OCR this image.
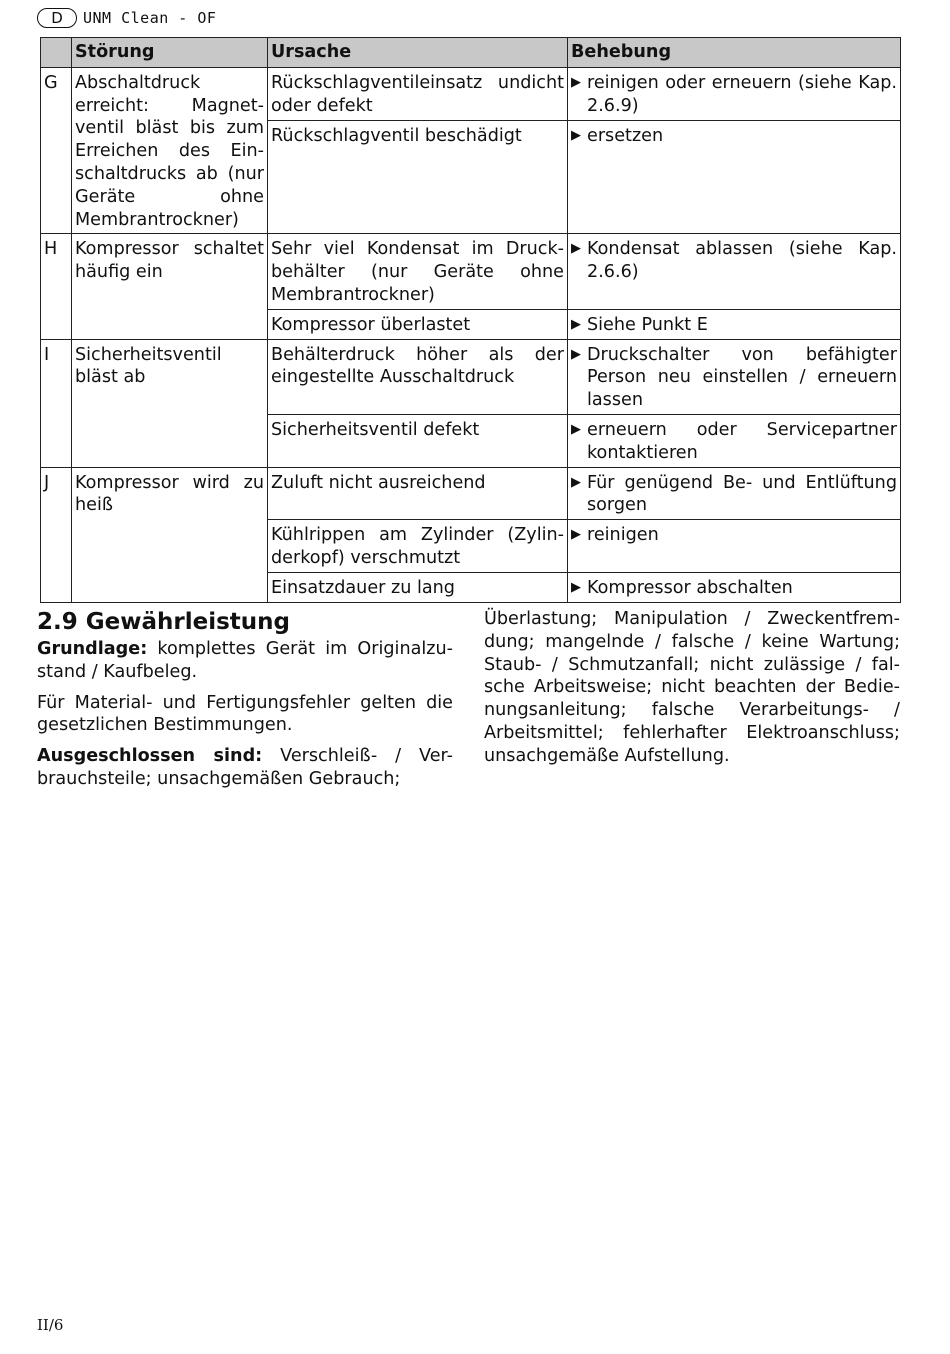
D	UNM Clean - OF
	Störung	Ursache	Behebung
G	Abschaltdruck erreicht: Magnet-ventil bläst bis zum Erreichen des Ein-schaltdrucks ab (nur Geräte ohne Membrantrockner)	Rückschlagventileinsatz undicht oder defekt	▶ reinigen oder erneuern (siehe Kap. 2.6.9)

		Rückschlagventil beschädigt	▶ ersetzen

H	Kompressor schaltet häufig ein	Sehr viel Kondensat im Druck-behälter (nur Geräte ohne Membrantrockner)	▶ Kondensat ablassen (siehe Kap. 2.6.6)

		Kompressor überlastet	▶ Siehe Punkt E

I	Sicherheitsventil bläst ab	Behälterdruck höher als der eingestellte Ausschaltdruck	▶ Druckschalter von befähigter Person neu einstellen / erneuern lassen

		Sicherheitsventil defekt	▶ erneuern oder Servicepartner kontaktieren

J	Kompressor wird zu heiß	Zuluft nicht ausreichend	▶ Für genügend Be- und Entlüftung sorgen

		Kühlrippen am Zylinder (Zylin-derkopf) verschmutzt	▶ reinigen

		Einsatzdauer zu lang	▶ Kompressor abschalten
2.9 Gewährleistung

Grundlage: komplettes Gerät im Originalzu-stand / Kaufbeleg.

Für Material- und Fertigungsfehler gelten die gesetzlichen Bestimmungen.

Ausgeschlossen sind: Verschleiß- / Ver-brauchsteile; unsachgemäßen Gebrauch;

Überlastung; Manipulation / Zweckentfrem-dung; mangelnde / falsche / keine Wartung; Staub- / Schmutzanfall; nicht zulässige / fal-sche Arbeitsweise; nicht beachten der Bedie-nungsanleitung; falsche Verarbeitungs- / Arbeitsmittel; fehlerhafter Elektroanschluss; unsachgemäße Aufstellung.
II/6
